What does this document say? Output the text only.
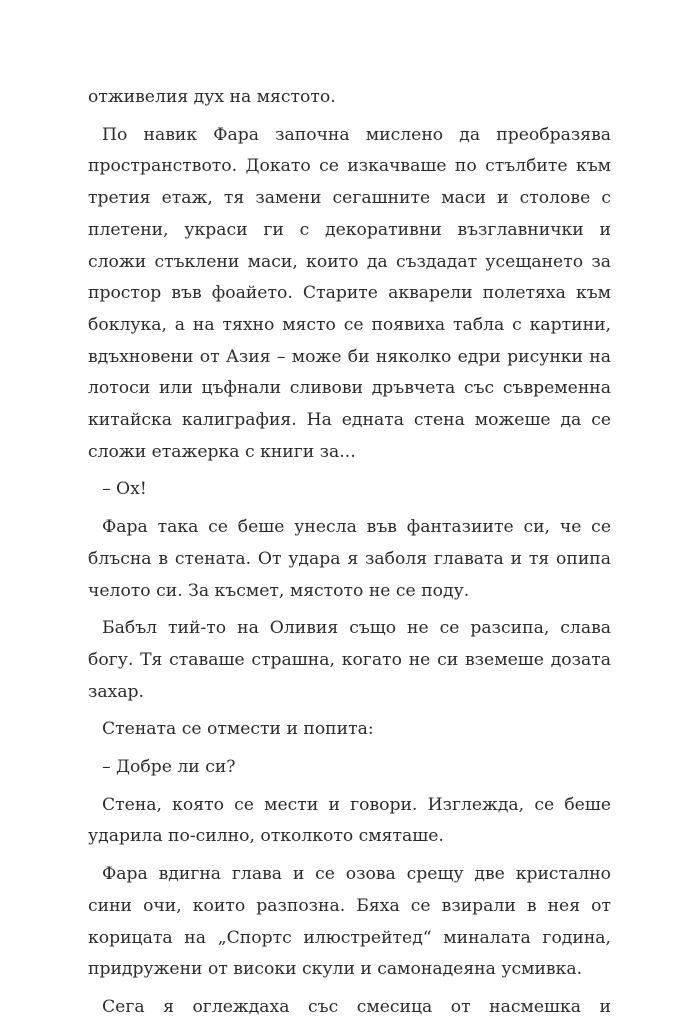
отживелия дух на мястото.

По навик Фара започна мислено да преобразява пространството. Докато се изкачваше по стълбите към третия етаж, тя замени сегашните маси и столове с плетени, украси ги с декоративни възглавнички и сложи стъклени маси, които да създадат усещането за простор във фоайето. Старите акварели полетяха към боклука, а на тяхно място се появиха табла с картини, вдъхновени от Азия – може би няколко едри рисунки на лотоси или цъфнали сливови дръвчета със съвременна китайска калиграфия. На едната стена можеше да се сложи етажерка с книги за...

– Ох!

Фара така се беше унесла във фантазиите си, че се блъсна в стената. От удара я заболя главата и тя опипа челото си. За късмет, мястото не се поду.

Бабъл тий-то на Оливия също не се разсипа, слава богу. Тя ставаше страшна, когато не си вземеше дозата захар.

Стената се отмести и попита:

– Добре ли си?

Стена, която се мести и говори. Изглежда, се беше ударила по-силно, отколкото смяташе.

Фара вдигна глава и се озова срещу две кристално сини очи, които разпозна. Бяха се взирали в нея от корицата на „Спортс илюстрейтед“ миналата година, придружени от високи скули и самонадеяна усмивка.

Сега я оглеждаха със смесица от насмешка и
